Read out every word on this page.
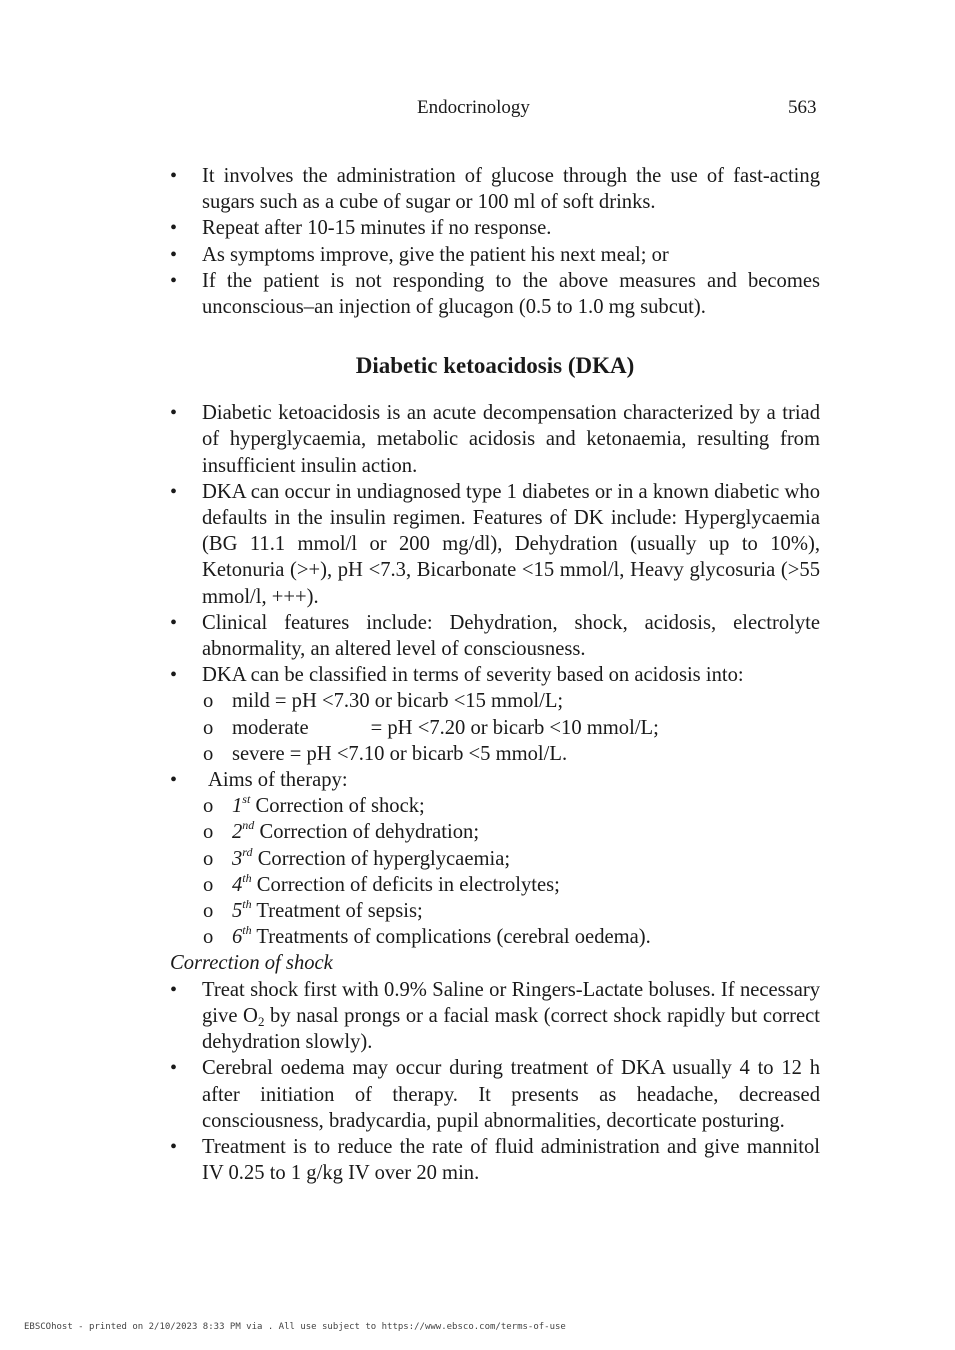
Endocrinology	563
• It involves the administration of glucose through the use of fast-acting sugars such as a cube of sugar or 100 ml of soft drinks.
• Repeat after 10-15 minutes if no response.
• As symptoms improve, give the patient his next meal; or
• If the patient is not responding to the above measures and becomes unconscious–an injection of glucagon (0.5 to 1.0 mg subcut).
Diabetic ketoacidosis (DKA)
• Diabetic ketoacidosis is an acute decompensation characterized by a triad of hyperglycaemia, metabolic acidosis and ketonaemia, resulting from insufficient insulin action.
• DKA can occur in undiagnosed type 1 diabetes or in a known diabetic who defaults in the insulin regimen. Features of DK include: Hyperglycaemia (BG 11.1 mmol/l or 200 mg/dl), Dehydration (usually up to 10%), Ketonuria (>+), pH <7.3, Bicarbonate <15 mmol/l, Heavy glycosuria (>55 mmol/l, +++).
• Clinical features include: Dehydration, shock, acidosis, electrolyte abnormality, an altered level of consciousness.
• DKA can be classified in terms of severity based on acidosis into:
o mild = pH <7.30 or bicarb <15 mmol/L;
o moderate	= pH <7.20 or bicarb <10 mmol/L;
o severe = pH <7.10 or bicarb <5 mmol/L.
• Aims of therapy:
o 1st Correction of shock;
o 2nd Correction of dehydration;
o 3rd Correction of hyperglycaemia;
o 4th Correction of deficits in electrolytes;
o 5th Treatment of sepsis;
o 6th Treatments of complications (cerebral oedema).
Correction of shock
• Treat shock first with 0.9% Saline or Ringers-Lactate boluses. If necessary give O2 by nasal prongs or a facial mask (correct shock rapidly but correct dehydration slowly).
• Cerebral oedema may occur during treatment of DKA usually 4 to 12 h after initiation of therapy. It presents as headache, decreased consciousness, bradycardia, pupil abnormalities, decorticate posturing.
• Treatment is to reduce the rate of fluid administration and give mannitol IV 0.25 to 1 g/kg IV over 20 min.
EBSCOhost - printed on 2/10/2023 8:33 PM via . All use subject to https://www.ebsco.com/terms-of-use
